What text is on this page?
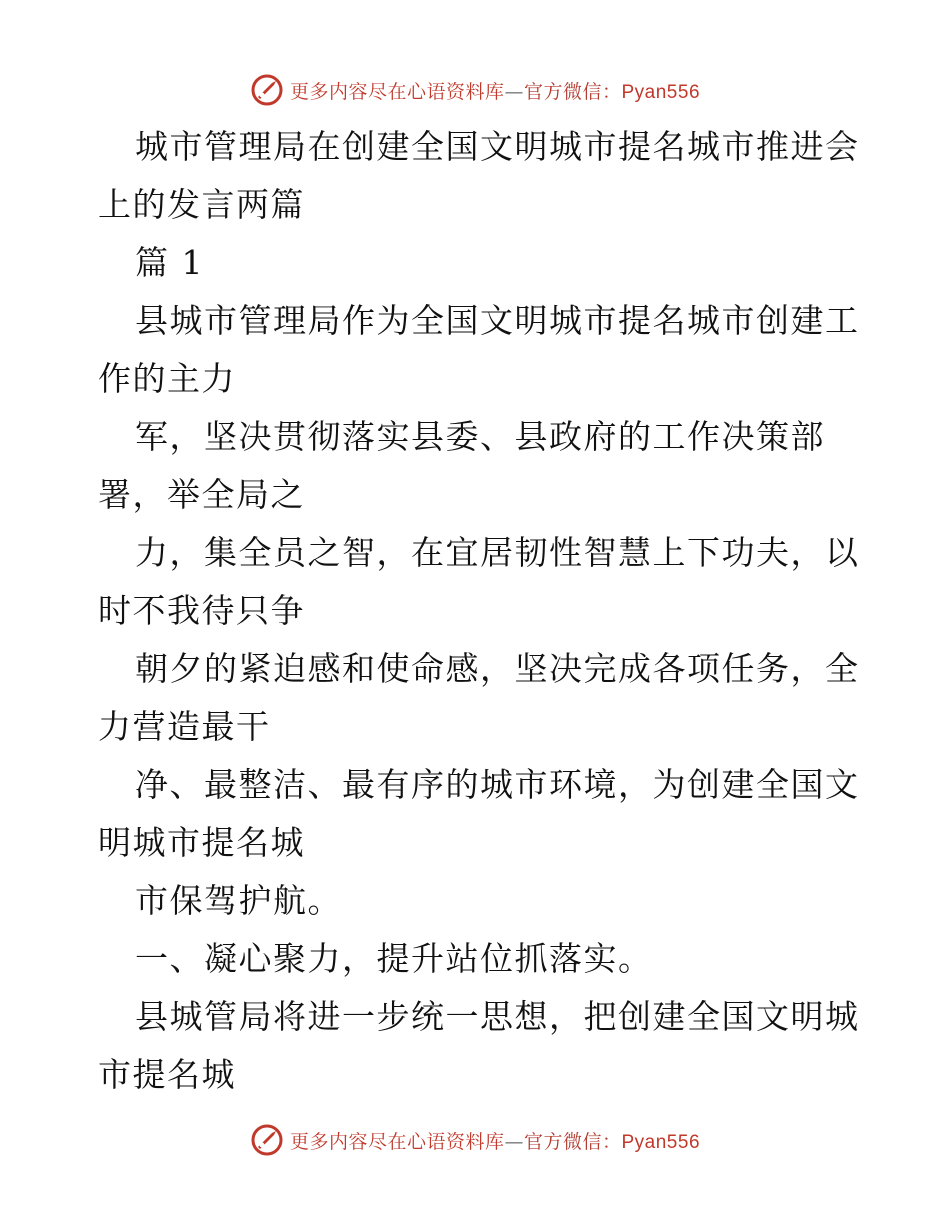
更多内容尽在心语资料库—官方微信：Pyan556
城市管理局在创建全国文明城市提名城市推进会
上的发言两篇
篇 1
县城市管理局作为全国文明城市提名城市创建工
作的主力
军，坚决贯彻落实县委、县政府的工作决策部
署，举全局之
力，集全员之智，在宜居韧性智慧上下功夫，以
时不我待只争
朝夕的紧迫感和使命感，坚决完成各项任务，全
力营造最干
净、最整洁、最有序的城市环境，为创建全国文
明城市提名城
市保驾护航。
一、凝心聚力，提升站位抓落实。
县城管局将进一步统一思想，把创建全国文明城
市提名城
更多内容尽在心语资料库—官方微信：Pyan556
